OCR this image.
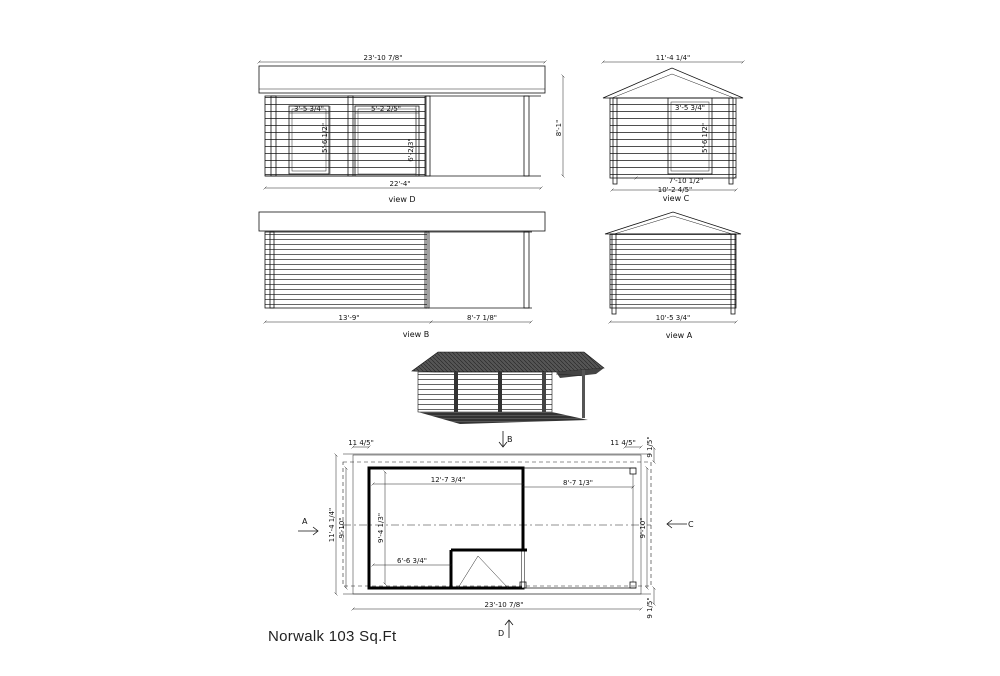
23'-10 7/8"
22'-4"
8'-1"
3'-5 3/4"
5'-6 1/2"
5'-2 2/5"
6'-2/3"
view D
11'-4 1/4"
3'-5 3/4"
5'-6 1/2"
7'-10 1/2"
10'-2 4/5"
view C
13'-9"	8'-7 1/8"
view B
10'-5 3/4"
view A
12'-7 3/4"	8'-7 1/3"
9'-4 1/3"
6'-6 3/4"
11 4/5"	11 4/5" 9 1/5"
9 1/5"
11'-4 1/4" 9'-10"	9'-10"
23'-10 7/8"
A	C
B
D
Norwalk 103 Sq.Ft
